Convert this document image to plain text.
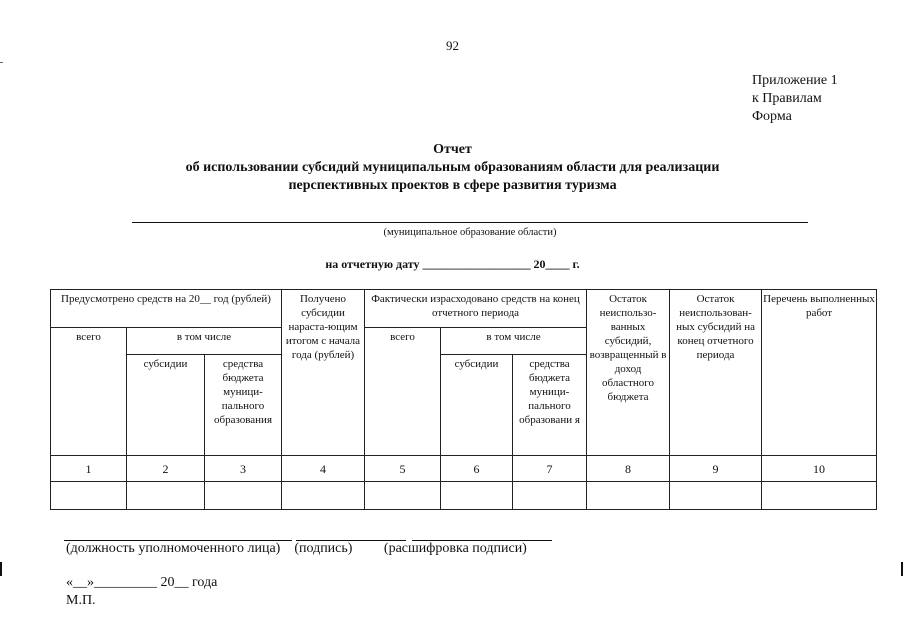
92
Приложение 1
к Правилам
Форма
Отчет
об использовании субсидий муниципальным образованиям области для реализации
перспективных проектов в сфере развития туризма
(муниципальное образование области)
на отчетную дату __________________ 20____ г.
Предусмотрено средств на 20__ год (рублей)			Получено субсидии нараста-ющим итогом с начала года (рублей)	Фактически израсходовано средств на конец отчетного периода			Остаток неиспользо-ванных субсидий, возвращенный в доход областного бюджета	Остаток неиспользован-ных субсидий на конец отчетного периода	Перечень выполненных работ
всего	в том числе			всего	в том числе				
	субсидии	средства бюджета муници-пального образования			субсидии	средства бюджета муници-пального образовани я			
1	2	3	4	5	6	7	8	9	10

(должность уполномоченного лица)    (подпись)         (расшифровка подписи)
«__»_________ 20__ года
М.П.
